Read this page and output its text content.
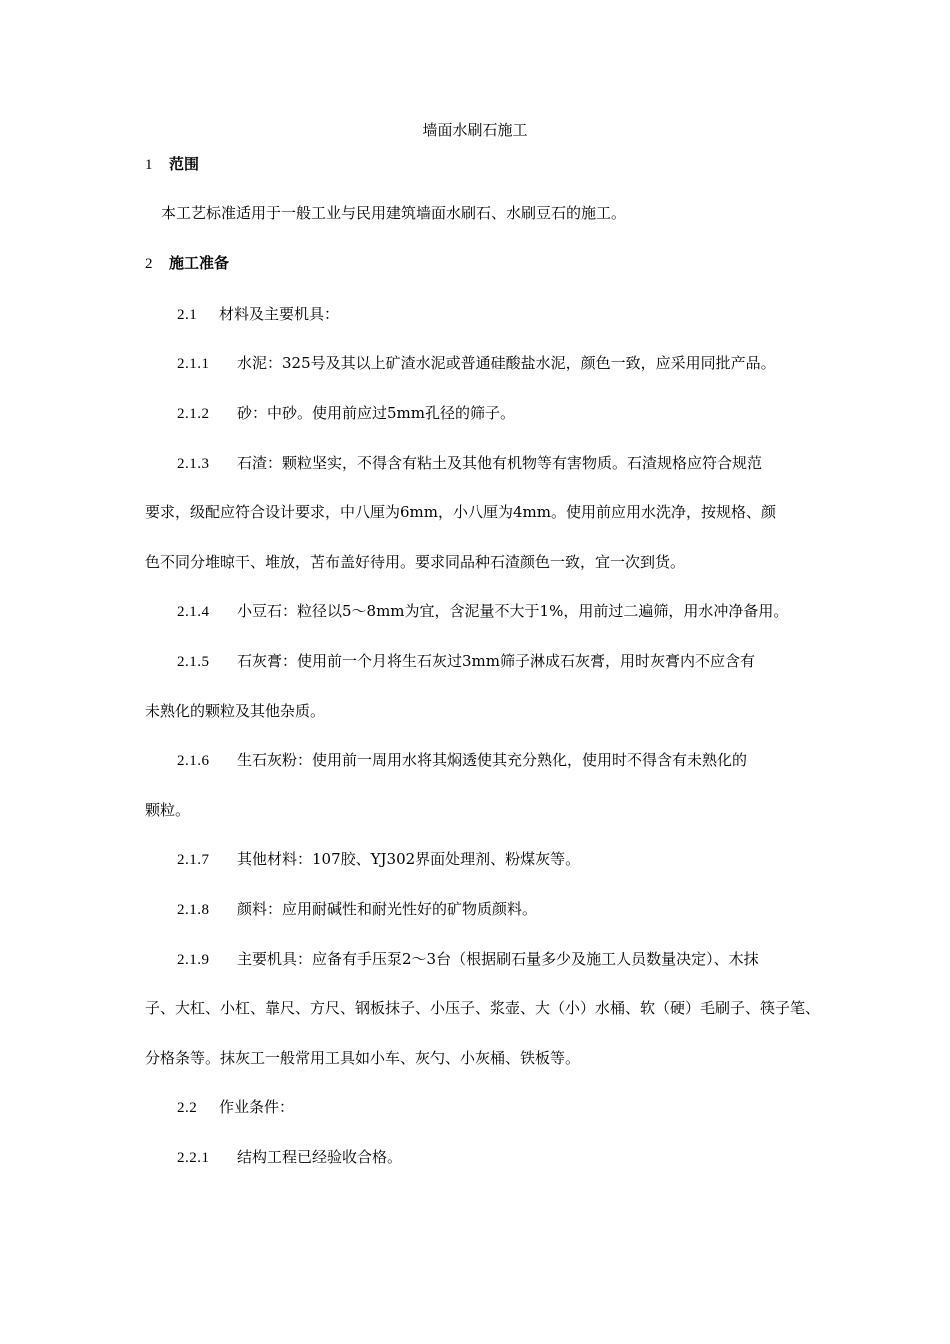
墙面水刷石施工
1 范围
本工艺标准适用于一般工业与民用建筑墙面水刷石、水刷豆石的施工。
2 施工准备
2.1 材料及主要机具：
2.1.1 水泥：325号及其以上矿渣水泥或普通硅酸盐水泥，颜色一致，应采用同批产品。
2.1.2 砂：中砂。使用前应过5mm孔径的筛子。
2.1.3 石渣：颗粒坚实，不得含有粘土及其他有机物等有害物质。石渣规格应符合规范
要求，级配应符合设计要求，中八厘为6mm，小八厘为4mm。使用前应用水洗净，按规格、颜
色不同分堆晾干、堆放，苫布盖好待用。要求同品种石渣颜色一致，宜一次到货。
2.1.4 小豆石：粒径以5～8mm为宜，含泥量不大于1%，用前过二遍筛，用水冲净备用。
2.1.5 石灰膏：使用前一个月将生石灰过3mm筛子淋成石灰膏，用时灰膏内不应含有
未熟化的颗粒及其他杂质。
2.1.6 生石灰粉：使用前一周用水将其焖透使其充分熟化，使用时不得含有未熟化的
颗粒。
2.1.7 其他材料：107胶、YJ302界面处理剂、粉煤灰等。
2.1.8 颜料：应用耐碱性和耐光性好的矿物质颜料。
2.1.9 主要机具：应备有手压泵2～3台（根据刷石量多少及施工人员数量决定）、木抹
子、大杠、小杠、靠尺、方尺、钢板抹子、小压子、浆壶、大（小）水桶、软（硬）毛刷子、筷子笔、
分格条等。抹灰工一般常用工具如小车、灰勺、小灰桶、铁板等。
2.2 作业条件：
2.2.1 结构工程已经验收合格。
